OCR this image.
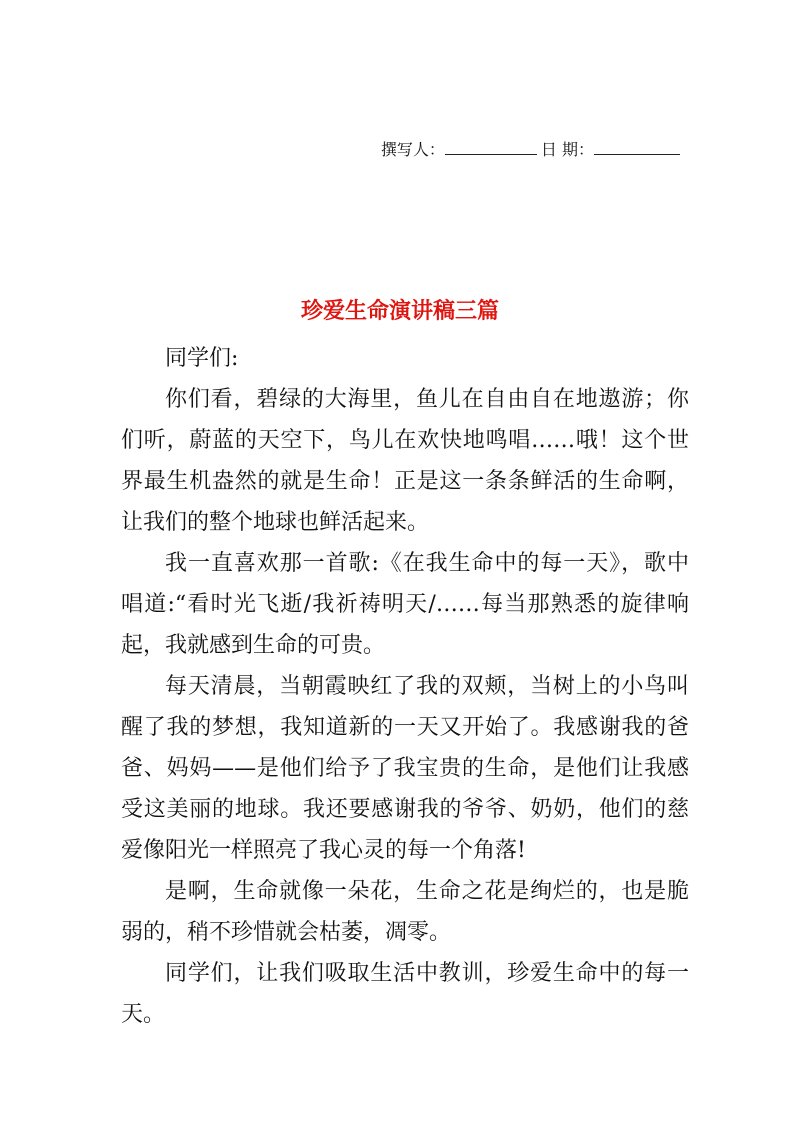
撰写人：	日 期：
珍爱生命演讲稿三篇

同学们:

你们看，碧绿的大海里，鱼儿在自由自在地遨游；你们听，蔚蓝的天空下，鸟儿在欢快地鸣唱……哦！这个世界最生机盎然的就是生命！正是这一条条鲜活的生命啊，让我们的整个地球也鲜活起来。

我一直喜欢那一首歌:《在我生命中的每一天》，歌中唱道:“看时光飞逝/我祈祷明天/……每当那熟悉的旋律响起，我就感到生命的可贵。

每天清晨，当朝霞映红了我的双颊，当树上的小鸟叫醒了我的梦想，我知道新的一天又开始了。我感谢我的爸爸、妈妈——是他们给予了我宝贵的生命，是他们让我感受这美丽的地球。我还要感谢我的爷爷、奶奶，他们的慈爱像阳光一样照亮了我心灵的每一个角落!

是啊，生命就像一朵花，生命之花是绚烂的，也是脆弱的，稍不珍惜就会枯萎，凋零。

同学们，让我们吸取生活中教训，珍爱生命中的每一天。
